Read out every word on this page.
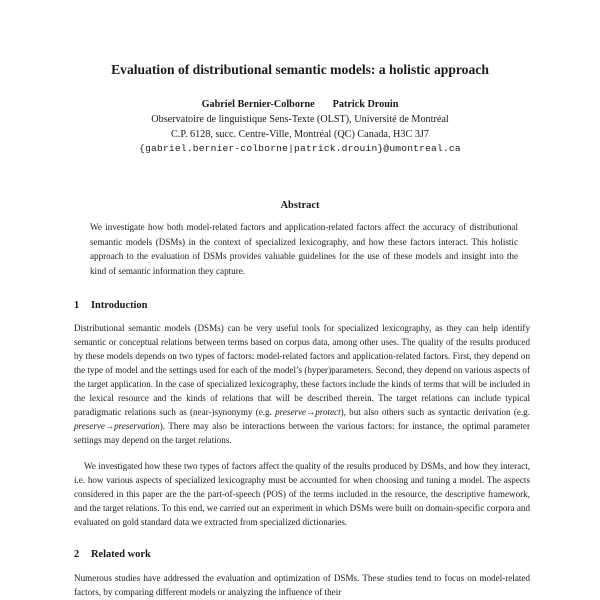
Evaluation of distributional semantic models: a holistic approach
Gabriel Bernier-Colborne Patrick Drouin
Observatoire de linguistique Sens-Texte (OLST), Université de Montréal
C.P. 6128, succ. Centre-Ville, Montréal (QC) Canada, H3C 3J7
{gabriel.bernier-colborne|patrick.drouin}@umontreal.ca
Abstract
We investigate how both model-related factors and application-related factors affect the accuracy of distributional semantic models (DSMs) in the context of specialized lexicography, and how these factors interact. This holistic approach to the evaluation of DSMs provides valuable guidelines for the use of these models and insight into the kind of semantic information they capture.
1 Introduction
Distributional semantic models (DSMs) can be very useful tools for specialized lexicography, as they can help identify semantic or conceptual relations between terms based on corpus data, among other uses. The quality of the results produced by these models depends on two types of factors: model-related factors and application-related factors. First, they depend on the type of model and the settings used for each of the model’s (hyper)parameters. Second, they depend on various aspects of the target application. In the case of specialized lexicography, these factors include the kinds of terms that will be included in the lexical resource and the kinds of relations that will be described therein. The target relations can include typical paradigmatic relations such as (near-)synonymy (e.g. preserve→protect), but also others such as syntactic derivation (e.g. preserve→preservation). There may also be interactions between the various factors: for instance, the optimal parameter settings may depend on the target relations.
We investigated how these two types of factors affect the quality of the results produced by DSMs, and how they interact, i.e. how various aspects of specialized lexicography must be accounted for when choosing and tuning a model. The aspects considered in this paper are the the part-of-speech (POS) of the terms included in the resource, the descriptive framework, and the target relations. To this end, we carried out an experiment in which DSMs were built on domain-specific corpora and evaluated on gold standard data we extracted from specialized dictionaries.
2 Related work
Numerous studies have addressed the evaluation and optimization of DSMs. These studies tend to focus on model-related factors, by comparing different models or analyzing the influence of their
